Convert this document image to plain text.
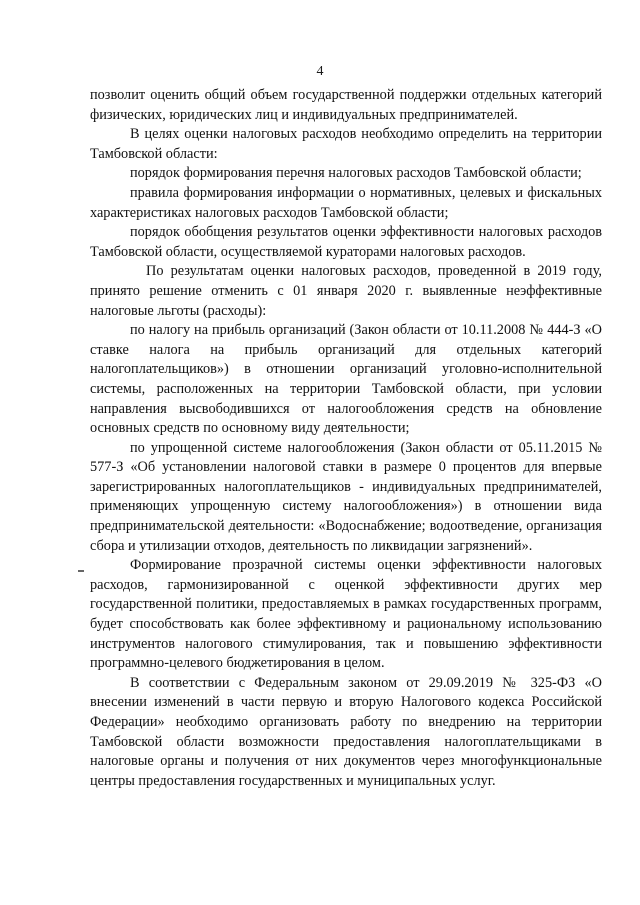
4

позволит оценить общий объем государственной поддержки отдельных категорий физических, юридических лиц и индивидуальных предпринимателей.

В целях оценки налоговых расходов необходимо определить на территории Тамбовской области:

порядок формирования перечня налоговых расходов Тамбовской области;

правила формирования информации о нормативных, целевых и фискальных характеристиках налоговых расходов Тамбовской области;

порядок обобщения результатов оценки эффективности налоговых расходов Тамбовской области, осуществляемой кураторами налоговых расходов.

По результатам оценки налоговых расходов, проведенной в 2019 году, принято решение отменить с 01 января 2020 г. выявленные неэффективные налоговые льготы (расходы):

по налогу на прибыль организаций (Закон области от 10.11.2008 № 444-З «О ставке налога на прибыль организаций для отдельных категорий налогоплательщиков») в отношении организаций уголовно-исполнительной системы, расположенных на территории Тамбовской области, при условии направления высвободившихся от налогообложения средств на обновление основных средств по основному виду деятельности;

по упрощенной системе налогообложения (Закон области от 05.11.2015 № 577-З «Об установлении налоговой ставки в размере 0 процентов для впервые зарегистрированных налогоплательщиков - индивидуальных предпринимателей, применяющих упрощенную систему налогообложения») в отношении вида предпринимательской деятельности: «Водоснабжение; водоотведение, организация сбора и утилизации отходов, деятельность по ликвидации загрязнений».

Формирование прозрачной системы оценки эффективности налоговых расходов, гармонизированной с оценкой эффективности других мер государственной политики, предоставляемых в рамках государственных программ, будет способствовать как более эффективному и рациональному использованию инструментов налогового стимулирования, так и повышению эффективности программно-целевого бюджетирования в целом.

В соответствии с Федеральным законом от 29.09.2019 № 325-ФЗ «О внесении изменений в части первую и вторую Налогового кодекса Российской Федерации» необходимо организовать работу по внедрению на территории Тамбовской области возможности предоставления налогоплательщиками в налоговые органы и получения от них документов через многофункциональные центры предоставления государственных и муниципальных услуг.
